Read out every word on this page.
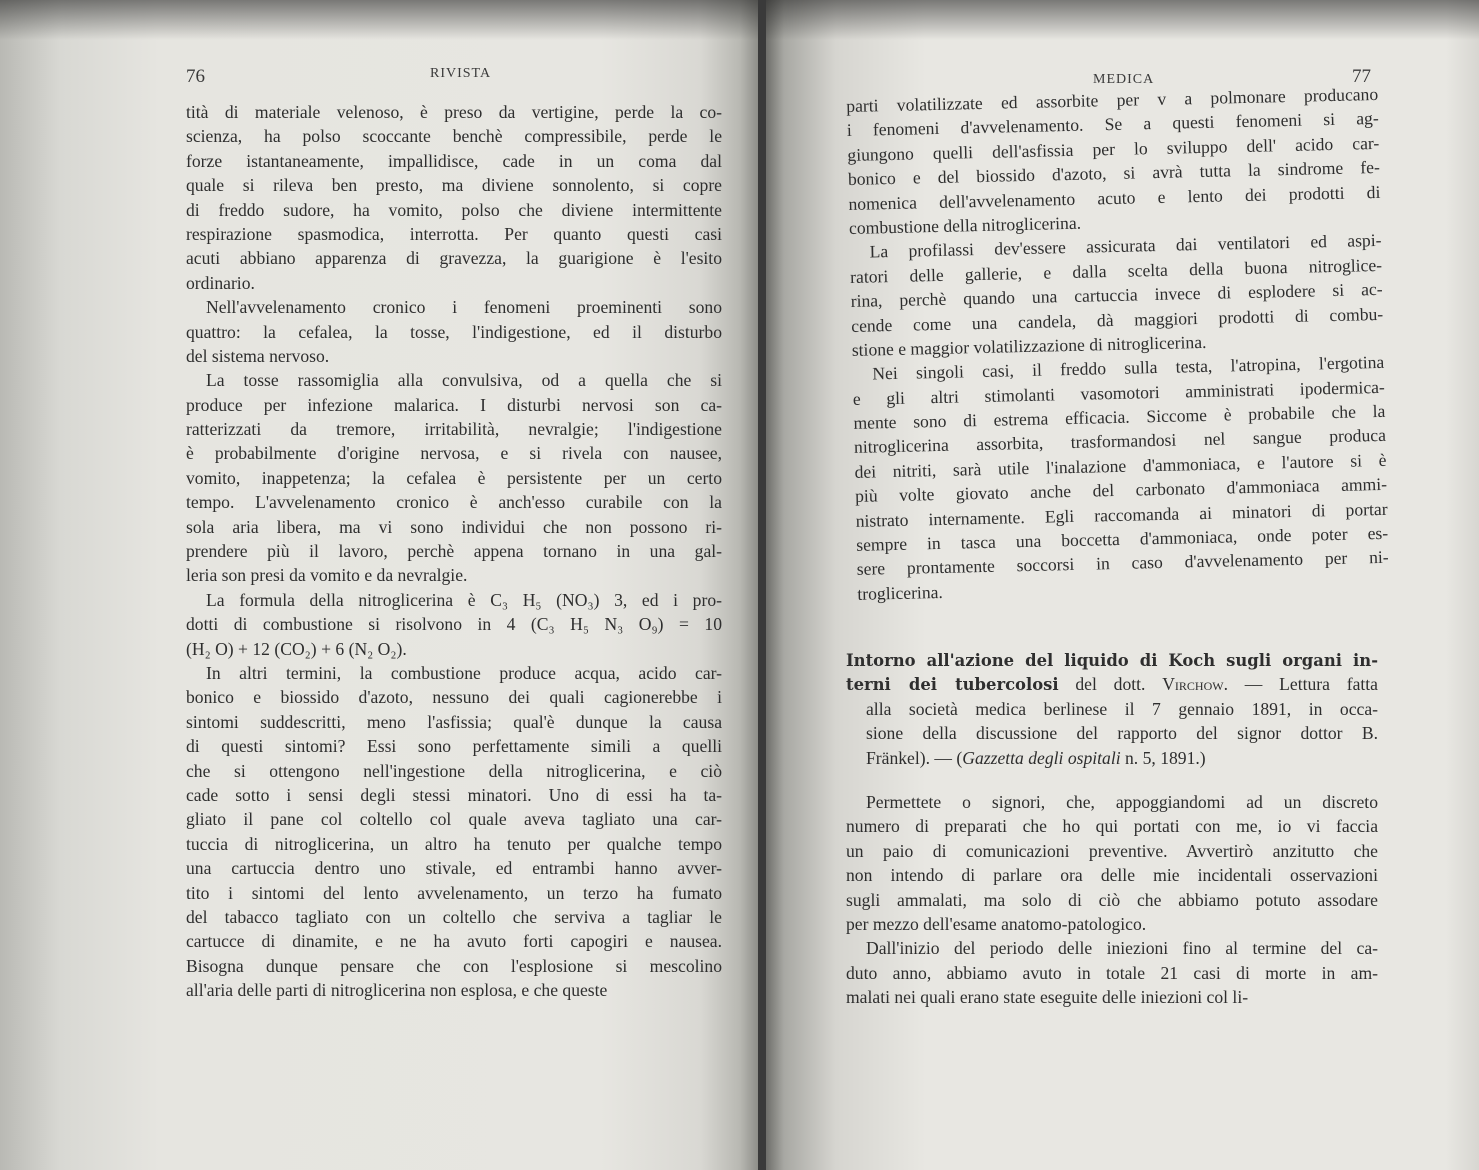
76	RIVISTA	MEDICA	77
tità di materiale velenoso, è preso da vertigine, perde la co-
scienza, ha polso scoccante benchè compressibile, perde le
forze istantaneamente, impallidisce, cade in un coma dal
quale si rileva ben presto, ma diviene sonnolento, si copre
di freddo sudore, ha vomito, polso che diviene intermittente
respirazione spasmodica, interrotta. Per quanto questi casi
acuti abbiano apparenza di gravezza, la guarigione è l'esito
ordinario.
Nell'avvelenamento cronico i fenomeni proeminenti sono
quattro: la cefalea, la tosse, l'indigestione, ed il disturbo
del sistema nervoso.
La tosse rassomiglia alla convulsiva, od a quella che si
produce per infezione malarica. I disturbi nervosi son ca-
ratterizzati da tremore, irritabilità, nevralgie; l'indigestione
è probabilmente d'origine nervosa, e si rivela con nausee,
vomito, inappetenza; la cefalea è persistente per un certo
tempo. L'avvelenamento cronico è anch'esso curabile con la
sola aria libera, ma vi sono individui che non possono ri-
prendere più il lavoro, perchè appena tornano in una gal-
leria son presi da vomito e da nevralgie.
La formula della nitroglicerina è C₃ H₅ (NO₃) 3, ed i pro-
dotti di combustione si risolvono in 4 (C₃ H₅ N₃ O₉) = 10
(H₂ O) + 12 (CO₂) + 6 (N₂ O₂).
In altri termini, la combustione produce acqua, acido car-
bonico e biossido d'azoto, nessuno dei quali cagionerebbe i
sintomi suddescritti, meno l'asfissia; qual'è dunque la causa
di questi sintomi? Essi sono perfettamente simili a quelli
che si ottengono nell'ingestione della nitroglicerina, e ciò
cade sotto i sensi degli stessi minatori. Uno di essi ha ta-
gliato il pane col coltello col quale aveva tagliato una car-
tuccia di nitroglicerina, un altro ha tenuto per qualche tempo
una cartuccia dentro uno stivale, ed entrambi hanno avver-
tito i sintomi del lento avvelenamento, un terzo ha fumato
del tabacco tagliato con un coltello che serviva a tagliar le
cartucce di dinamite, e ne ha avuto forti capogiri e nausea.
Bisogna dunque pensare che con l'esplosione si mescolino
all'aria delle parti di nitroglicerina non esplosa, e che queste
parti volatilizzate ed assorbite per v a polmonare producano
i fenomeni d'avvelenamento. Se a questi fenomeni si ag-
giungono quelli dell'asfissia per lo sviluppo dell' acido car-
bonico e del biossido d'azoto, si avrà tutta la sindrome fe-
nomenica dell'avvelenamento acuto e lento dei prodotti di
combustione della nitroglicerina.
La profilassi dev'essere assicurata dai ventilatori ed aspi-
ratori delle gallerie, e dalla scelta della buona nitroglice-
rina, perchè quando una cartuccia invece di esplodere si ac-
cende come una candela, dà maggiori prodotti di combu-
stione e maggior volatilizzazione di nitroglicerina.
Nei singoli casi, il freddo sulla testa, l'atropina, l'ergotina
e gli altri stimolanti vasomotori amministrati ipodermica-
mente sono di estrema efficacia. Siccome è probabile che la
nitroglicerina assorbita, trasformandosi nel sangue produca
dei nitriti, sarà utile l'inalazione d'ammoniaca, e l'autore si è
più volte giovato anche del carbonato d'ammoniaca ammi-
nistrato internamente. Egli raccomanda ai minatori di portar
sempre in tasca una boccetta d'ammoniaca, onde poter es-
sere prontamente soccorsi in caso d'avvelenamento per ni-
troglicerina.
Intorno all'azione del liquido di Koch sugli organi in-
terni dei tubercolosi del dott. Virchow. — Lettura fatta
alla società medica berlinese il 7 gennaio 1891, in occa-
sione della discussione del rapporto del signor dottor B.
Fränkel). — (Gazzetta degli ospitali n. 5, 1891.)
Permettete o signori, che, appoggiandomi ad un discreto
numero di preparati che ho qui portati con me, io vi faccia
un paio di comunicazioni preventive. Avvertirò anzitutto che
non intendo di parlare ora delle mie incidentali osservazioni
sugli ammalati, ma solo di ciò che abbiamo potuto assodare
per mezzo dell'esame anatomo-patologico.
Dall'inizio del periodo delle iniezioni fino al termine del ca-
duto anno, abbiamo avuto in totale 21 casi di morte in am-
malati nei quali erano state eseguite delle iniezioni col li-
